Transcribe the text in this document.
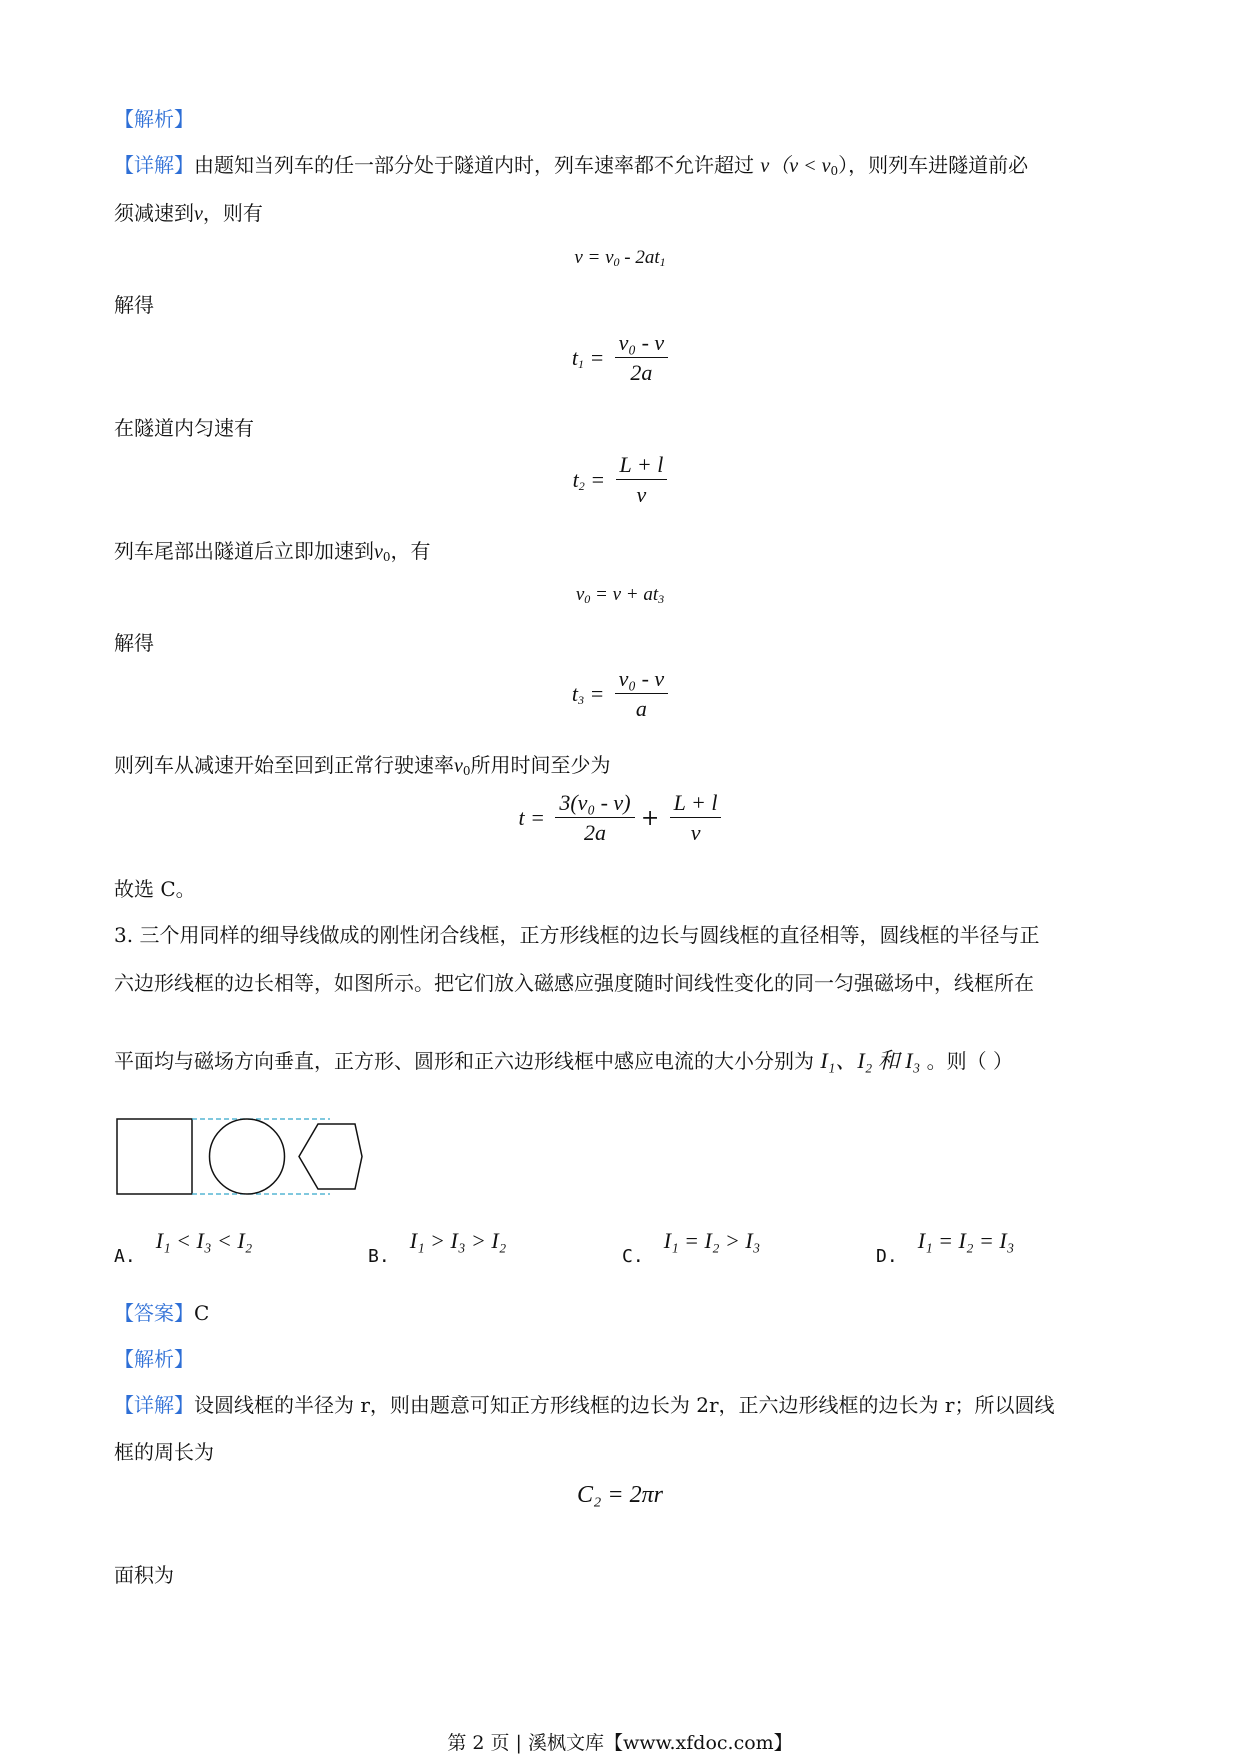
【解析】
【详解】由题知当列车的任一部分处于隧道内时，列车速率都不允许超过 $v(v < v_0)$，则列车进隧道前必
须减速到v，则有
$v = v_0 - 2at_1$
解得
$t_1 = \frac{\text{v₀ - v}}{2a}$
在隧道内匀速有
$t_2 = \frac{L + l}{v}$
列车尾部出隧道后立即加速到$v_0$，有
$v_0 = v + at_3$
解得
$t_3 = \frac{\text{v₀ - v}}{a}$
则列车从减速开始至回到正常行驶速率$v_0$所用时间至少为
$t = \frac{\text{3(v₀ - v)}}{2a} + \frac{L + l}{v}$
故选 C。
3. 三个用同样的细导线做成的刚性闭合线框，正方形线框的边长与圆线框的直径相等，圆线框的半径与正
六边形线框的边长相等，如图所示。把它们放入磁感应强度随时间线性变化的同一匀强磁场中，线框所在
平面均与磁场方向垂直，正方形、圆形和正六边形线框中感应电流的大小分别为 I₁、I₂ 和 I₃ 。则（ ）
A.I₁ < I₃ < I₂
B.I₁ > I₃ > I₂
C.I₁ = I₂ > I₃
D.I₁ = I₂ = I₃
【答案】C
【解析】
【详解】设圆线框的半径为 r，则由题意可知正方形线框的边长为 2r，正六边形线框的边长为 r；所以圆线
框的周长为
C₂ = 2πr
面积为
第 2 页 | 溪枫文库【www.xfdoc.com】
